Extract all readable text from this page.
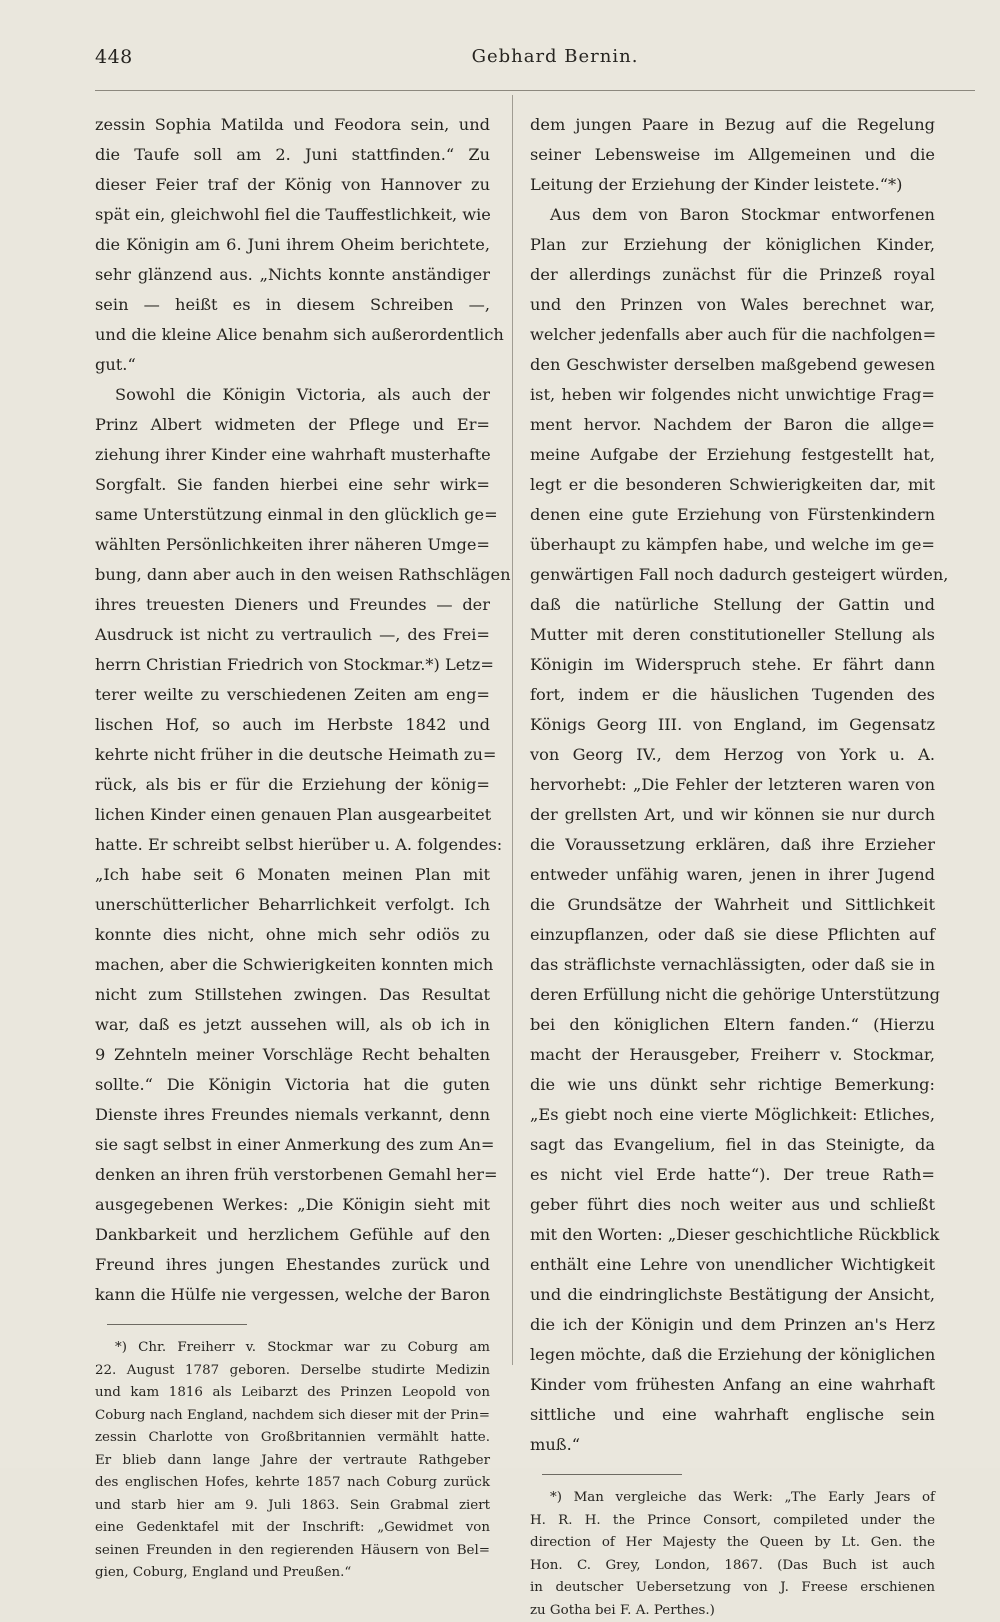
448	Gebhard Bernin.
zessin Sophia Matilda und Feodora sein, und
die Taufe soll am 2. Juni stattfinden.“ Zu
dieser Feier traf der König von Hannover zu
spät ein, gleichwohl fiel die Tauffestlichkeit, wie
die Königin am 6. Juni ihrem Oheim berichtete,
sehr glänzend aus. „Nichts konnte anständiger
sein — heißt es in diesem Schreiben —,
und die kleine Alice benahm sich außerordentlich
gut.“
Sowohl die Königin Victoria, als auch der
Prinz Albert widmeten der Pflege und Er=
ziehung ihrer Kinder eine wahrhaft musterhafte
Sorgfalt. Sie fanden hierbei eine sehr wirk=
same Unterstützung einmal in den glücklich ge=
wählten Persönlichkeiten ihrer näheren Umge=
bung, dann aber auch in den weisen Rathschlägen
ihres treuesten Dieners und Freundes — der
Ausdruck ist nicht zu vertraulich —, des Frei=
herrn Christian Friedrich von Stockmar.*) Letz=
terer weilte zu verschiedenen Zeiten am eng=
lischen Hof, so auch im Herbste 1842 und
kehrte nicht früher in die deutsche Heimath zu=
rück, als bis er für die Erziehung der könig=
lichen Kinder einen genauen Plan ausgearbeitet
hatte. Er schreibt selbst hierüber u. A. folgendes:
„Ich habe seit 6 Monaten meinen Plan mit
unerschütterlicher Beharrlichkeit verfolgt. Ich
konnte dies nicht, ohne mich sehr odiös zu
machen, aber die Schwierigkeiten konnten mich
nicht zum Stillstehen zwingen. Das Resultat
war, daß es jetzt aussehen will, als ob ich in
9 Zehnteln meiner Vorschläge Recht behalten
sollte.“ Die Königin Victoria hat die guten
Dienste ihres Freundes niemals verkannt, denn
sie sagt selbst in einer Anmerkung des zum An=
denken an ihren früh verstorbenen Gemahl her=
ausgegebenen Werkes: „Die Königin sieht mit
Dankbarkeit und herzlichem Gefühle auf den
Freund ihres jungen Ehestandes zurück und
kann die Hülfe nie vergessen, welche der Baron
*) Chr. Freiherr v. Stockmar war zu Coburg am
22. August 1787 geboren. Derselbe studirte Medizin
und kam 1816 als Leibarzt des Prinzen Leopold von
Coburg nach England, nachdem sich dieser mit der Prin=
zessin Charlotte von Großbritannien vermählt hatte.
Er blieb dann lange Jahre der vertraute Rathgeber
des englischen Hofes, kehrte 1857 nach Coburg zurück
und starb hier am 9. Juli 1863. Sein Grabmal ziert
eine Gedenktafel mit der Inschrift: „Gewidmet von
seinen Freunden in den regierenden Häusern von Bel=
gien, Coburg, England und Preußen.“
dem jungen Paare in Bezug auf die Regelung
seiner Lebensweise im Allgemeinen und die
Leitung der Erziehung der Kinder leistete.“*)
Aus dem von Baron Stockmar entworfenen
Plan zur Erziehung der königlichen Kinder,
der allerdings zunächst für die Prinzeß royal
und den Prinzen von Wales berechnet war,
welcher jedenfalls aber auch für die nachfolgen=
den Geschwister derselben maßgebend gewesen
ist, heben wir folgendes nicht unwichtige Frag=
ment hervor. Nachdem der Baron die allge=
meine Aufgabe der Erziehung festgestellt hat,
legt er die besonderen Schwierigkeiten dar, mit
denen eine gute Erziehung von Fürstenkindern
überhaupt zu kämpfen habe, und welche im ge=
genwärtigen Fall noch dadurch gesteigert würden,
daß die natürliche Stellung der Gattin und
Mutter mit deren constitutioneller Stellung als
Königin im Widerspruch stehe. Er fährt dann
fort, indem er die häuslichen Tugenden des
Königs Georg III. von England, im Gegensatz
von Georg IV., dem Herzog von York u. A.
hervorhebt: „Die Fehler der letzteren waren von
der grellsten Art, und wir können sie nur durch
die Voraussetzung erklären, daß ihre Erzieher
entweder unfähig waren, jenen in ihrer Jugend
die Grundsätze der Wahrheit und Sittlichkeit
einzupflanzen, oder daß sie diese Pflichten auf
das sträflichste vernachlässigten, oder daß sie in
deren Erfüllung nicht die gehörige Unterstützung
bei den königlichen Eltern fanden.“ (Hierzu
macht der Herausgeber, Freiherr v. Stockmar,
die wie uns dünkt sehr richtige Bemerkung:
„Es giebt noch eine vierte Möglichkeit: Etliches,
sagt das Evangelium, fiel in das Steinigte, da
es nicht viel Erde hatte“). Der treue Rath=
geber führt dies noch weiter aus und schließt
mit den Worten: „Dieser geschichtliche Rückblick
enthält eine Lehre von unendlicher Wichtigkeit
und die eindringlichste Bestätigung der Ansicht,
die ich der Königin und dem Prinzen an's Herz
legen möchte, daß die Erziehung der königlichen
Kinder vom frühesten Anfang an eine wahrhaft
sittliche und eine wahrhaft englische sein
muß.“
*) Man vergleiche das Werk: „The Early Jears of
H. R. H. the Prince Consort, compileted under the
direction of Her Majesty the Queen by Lt. Gen. the
Hon. C. Grey, London, 1867. (Das Buch ist auch
in deutscher Uebersetzung von J. Freese erschienen
zu Gotha bei F. A. Perthes.)
